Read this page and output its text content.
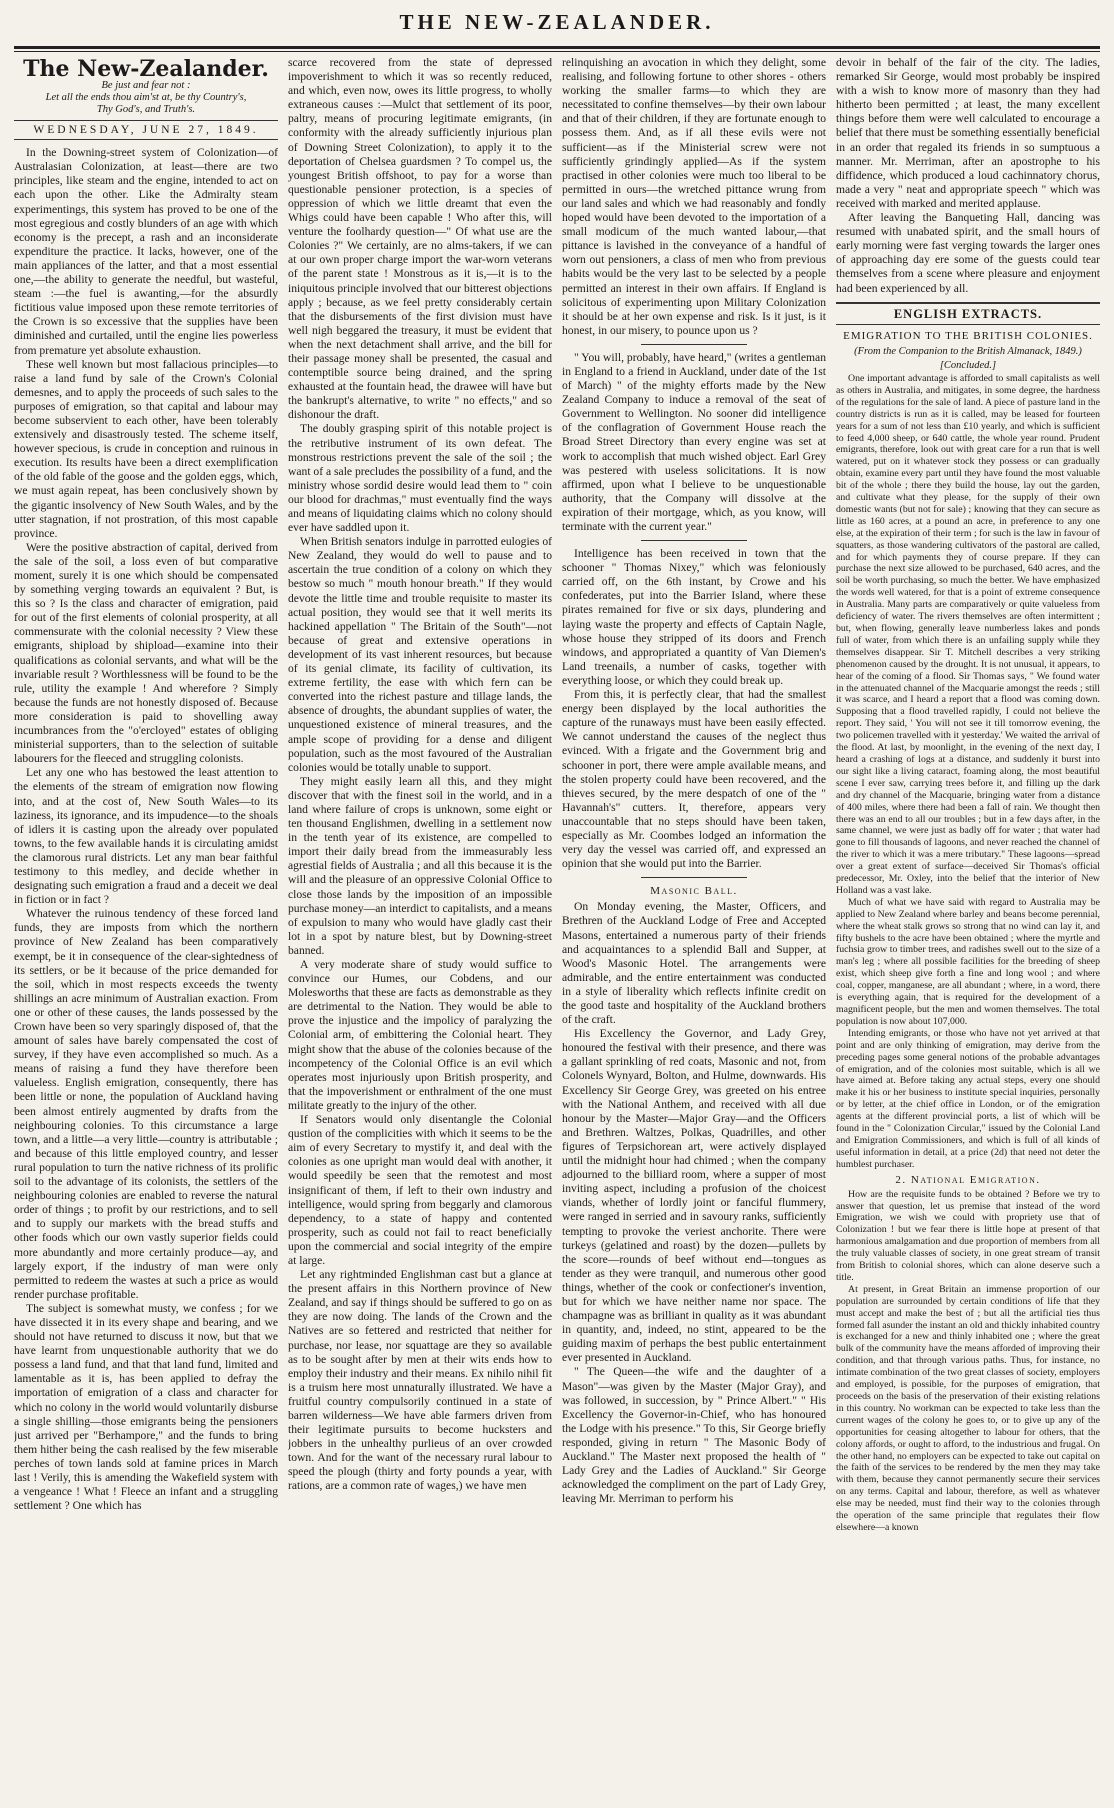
THE NEW-ZEALANDER.
The New-Zealander.
Be just and fear not :
Let all the ends thou aim'st at, be thy Country's,
Thy God's, and Truth's.
WEDNESDAY, JUNE 27, 1849.

In the Downing-street system of Colonization—of Australasian Colonization, at least—there are two principles, like steam and the engine, intended to act on each upon the other. Like the Admiralty steam experimentings, this system has proved to be one of the most egregious and costly blunders of an age with which economy is the precept, a rash and an inconsiderate expenditure the practice. It lacks, however, one of the main appliances of the latter, and that a most essential one,—the ability to generate the needful, but wasteful, steam :—the fuel is awanting,—for the absurdly fictitious value imposed upon these remote territories of the Crown is so excessive that the supplies have been diminished and curtailed, until the engine lies powerless from premature yet absolute exhaustion.

These well known but most fallacious principles—to raise a land fund by sale of the Crown's Colonial demesnes, and to apply the proceeds of such sales to the purposes of emigration, so that capital and labour may become subservient to each other, have been tolerably extensively and disastrously tested. The scheme itself, however specious, is crude in conception and ruinous in execution. Its results have been a direct exemplification of the old fable of the goose and the golden eggs, which, we must again repeat, has been conclusively shown by the gigantic insolvency of New South Wales, and by the utter stagnation, if not prostration, of this most capable province.

Were the positive abstraction of capital, derived from the sale of the soil, a loss even of but comparative moment, surely it is one which should be compensated by something verging towards an equivalent ? But, is this so ? Is the class and character of emigration, paid for out of the first elements of colonial prosperity, at all commensurate with the colonial necessity ? View these emigrants, shipload by shipload—examine into their qualifications as colonial servants, and what will be the invariable result ? Worthlessness will be found to be the rule, utility the example ! And wherefore ? Simply because the funds are not honestly disposed of. Because more consideration is paid to shovelling away incumbrances from the "o'ercloyed" estates of obliging ministerial supporters, than to the selection of suitable labourers for the fleeced and struggling colonists.

Let any one who has bestowed the least attention to the elements of the stream of emigration now flowing into, and at the cost of, New South Wales—to its laziness, its ignorance, and its impudence—to the shoals of idlers it is casting upon the already over populated towns, to the few available hands it is circulating amidst the clamorous rural districts. Let any man bear faithful testimony to this medley, and decide whether in designating such emigration a fraud and a deceit we deal in fiction or in fact ?

Whatever the ruinous tendency of these forced land funds, they are imposts from which the northern province of New Zealand has been comparatively exempt, be it in consequence of the clear-sightedness of its settlers, or be it because of the price demanded for the soil, which in most respects exceeds the twenty shillings an acre minimum of Australian exaction. From one or other of these causes, the lands possessed by the Crown have been so very sparingly disposed of, that the amount of sales have barely compensated the cost of survey, if they have even accomplished so much. As a means of raising a fund they have therefore been valueless. English emigration, consequently, there has been little or none, the population of Auckland having been almost entirely augmented by drafts from the neighbouring colonies. To this circumstance a large town, and a little—a very little—country is attributable ; and because of this little employed country, and lesser rural population to turn the native richness of its prolific soil to the advantage of its colonists, the settlers of the neighbouring colonies are enabled to reverse the natural order of things ; to profit by our restrictions, and to sell and to supply our markets with the bread stuffs and other foods which our own vastly superior fields could more abundantly and more certainly produce—ay, and largely export, if the industry of man were only permitted to redeem the wastes at such a price as would render purchase profitable.

The subject is somewhat musty, we confess ; for we have dissected it in its every shape and bearing, and we should not have returned to discuss it now, but that we have learnt from unquestionable authority that we do possess a land fund, and that that land fund, limited and lamentable as it is, has been applied to defray the importation of emigration of a class and character for which no colony in the world would voluntarily disburse a single shilling—those emigrants being the pensioners just arrived per "Berhampore," and the funds to bring them hither being the cash realised by the few miserable perches of town lands sold at famine prices in March last ! Verily, this is amending the Wakefield system with a vengeance ! What ! Fleece an infant and a struggling settlement ? One which has

scarce recovered from the state of depressed impoverishment to which it was so recently reduced, and which, even now, owes its little progress, to wholly extraneous causes :—Mulct that settlement of its poor, paltry, means of procuring legitimate emigrants, (in conformity with the already sufficiently injurious plan of Downing Street Colonization), to apply it to the deportation of Chelsea guardsmen ? To compel us, the youngest British offshoot, to pay for a worse than questionable pensioner protection, is a species of oppression of which we little dreamt that even the Whigs could have been capable ! Who after this, will venture the foolhardy question—" Of what use are the Colonies ?" We certainly, are no alms-takers, if we can at our own proper charge import the war-worn veterans of the parent state ! Monstrous as it is,—it is to the iniquitous principle involved that our bitterest objections apply ; because, as we feel pretty considerably certain that the disbursements of the first division must have well nigh beggared the treasury, it must be evident that when the next detachment shall arrive, and the bill for their passage money shall be presented, the casual and contemptible source being drained, and the spring exhausted at the fountain head, the drawee will have but the bankrupt's alternative, to write " no effects," and so dishonour the draft.

The doubly grasping spirit of this notable project is the retributive instrument of its own defeat. The monstrous restrictions prevent the sale of the soil ; the want of a sale precludes the possibility of a fund, and the ministry whose sordid desire would lead them to " coin our blood for drachmas," must eventually find the ways and means of liquidating claims which no colony should ever have saddled upon it.

When British senators indulge in parrotted eulogies of New Zealand, they would do well to pause and to ascertain the true condition of a colony on which they bestow so much " mouth honour breath." If they would devote the little time and trouble requisite to master its actual position, they would see that it well merits its hackined appellation " The Britain of the South"—not because of great and extensive operations in development of its vast inherent resources, but because of its genial climate, its facility of cultivation, its extreme fertility, the ease with which fern can be converted into the richest pasture and tillage lands, the absence of droughts, the abundant supplies of water, the unquestioned existence of mineral treasures, and the ample scope of providing for a dense and diligent population, such as the most favoured of the Australian colonies would be totally unable to support.

They might easily learn all this, and they might discover that with the finest soil in the world, and in a land where failure of crops is unknown, some eight or ten thousand Englishmen, dwelling in a settlement now in the tenth year of its existence, are compelled to import their daily bread from the immeasurably less agrestial fields of Australia ; and all this because it is the will and the pleasure of an oppressive Colonial Office to close those lands by the imposition of an impossible purchase money—an interdict to capitalists, and a means of expulsion to many who would have gladly cast their lot in a spot by nature blest, but by Downing-street banned.

A very moderate share of study would suffice to convince our Humes, our Cobdens, and our Molesworths that these are facts as demonstrable as they are detrimental to the Nation. They would be able to prove the injustice and the impolicy of paralyzing the Colonial arm, of embittering the Colonial heart. They might show that the abuse of the colonies because of the incompetency of the Colonial Office is an evil which operates most injuriously upon British prosperity, and that the impoverishment or enthralment of the one must militate greatly to the injury of the other.

If Senators would only disentangle the Colonial qustion of the complicities with which it seems to be the aim of every Secretary to mystify it, and deal with the colonies as one upright man would deal with another, it would speedily be seen that the remotest and most insignificant of them, if left to their own industry and intelligence, would spring from beggarly and clamorous dependency, to a state of happy and contented prosperity, such as could not fail to react beneficially upon the commercial and social integrity of the empire at large.

Let any rightminded Englishman cast but a glance at the present affairs in this Northern province of New Zealand, and say if things should be suffered to go on as they are now doing. The lands of the Crown and the Natives are so fettered and restricted that neither for purchase, nor lease, nor squattage are they so available as to be sought after by men at their wits ends how to employ their industry and their means. Ex nihilo nihil fit is a truism here most unnaturally illustrated. We have a fruitful country compulsorily continued in a state of barren wilderness—We have able farmers driven from their legitimate pursuits to become hucksters and jobbers in the unhealthy purlieus of an over crowded town. And for the want of the necessary rural labour to speed the plough (thirty and forty pounds a year, with rations, are a common rate of wages,) we have men

relinquishing an avocation in which they delight, some realising, and following fortune to other shores - others working the smaller farms—to which they are necessitated to confine themselves—by their own labour and that of their children, if they are fortunate enough to possess them. And, as if all these evils were not sufficient—as if the Ministerial screw were not sufficiently grindingly applied—As if the system practised in other colonies were much too liberal to be permitted in ours—the wretched pittance wrung from our land sales and which we had reasonably and fondly hoped would have been devoted to the importation of a small modicum of the much wanted labour,—that pittance is lavished in the conveyance of a handful of worn out pensioners, a class of men who from previous habits would be the very last to be selected by a people permitted an interest in their own affairs. If England is solicitous of experimenting upon Military Colonization it should be at her own expense and risk. Is it just, is it honest, in our misery, to pounce upon us ?

" You will, probably, have heard," (writes a gentleman in England to a friend in Auckland, under date of the 1st of March) " of the mighty efforts made by the New Zealand Company to induce a removal of the seat of Government to Wellington. No sooner did intelligence of the conflagration of Government House reach the Broad Street Directory than every engine was set at work to accomplish that much wished object. Earl Grey was pestered with useless solicitations. It is now affirmed, upon what I believe to be unquestionable authority, that the Company will dissolve at the expiration of their mortgage, which, as you know, will terminate with the current year."

Intelligence has been received in town that the schooner " Thomas Nixey," which was feloniously carried off, on the 6th instant, by Crowe and his confederates, put into the Barrier Island, where these pirates remained for five or six days, plundering and laying waste the property and effects of Captain Nagle, whose house they stripped of its doors and French windows, and appropriated a quantity of Van Diemen's Land treenails, a number of casks, together with everything loose, or which they could break up.

From this, it is perfectly clear, that had the smallest energy been displayed by the local authorities the capture of the runaways must have been easily effected. We cannot understand the causes of the neglect thus evinced. With a frigate and the Government brig and schooner in port, there were ample available means, and the stolen property could have been recovered, and the thieves secured, by the mere despatch of one of the " Havannah's" cutters. It, therefore, appears very unaccountable that no steps should have been taken, especially as Mr. Coombes lodged an information the very day the vessel was carried off, and expressed an opinion that she would put into the Barrier.

Masonic Ball.

On Monday evening, the Master, Officers, and Brethren of the Auckland Lodge of Free and Accepted Masons, entertained a numerous party of their friends and acquaintances to a splendid Ball and Supper, at Wood's Masonic Hotel. The arrangements were admirable, and the entire entertainment was conducted in a style of liberality which reflects infinite credit on the good taste and hospitality of the Auckland brothers of the craft.

His Excellency the Governor, and Lady Grey, honoured the festival with their presence, and there was a gallant sprinkling of red coats, Masonic and not, from Colonels Wynyard, Bolton, and Hulme, downwards. His Excellency Sir George Grey, was greeted on his entree with the National Anthem, and received with all due honour by the Master—Major Gray—and the Officers and Brethren. Waltzes, Polkas, Quadrilles, and other figures of Terpsichorean art, were actively displayed until the midnight hour had chimed ; when the company adjourned to the billiard room, where a supper of most inviting aspect, including a profusion of the choicest viands, whether of lordly joint or fanciful flummery, were ranged in serried and in savoury ranks, sufficiently tempting to provoke the veriest anchorite. There were turkeys (gelatined and roast) by the dozen—pullets by the score—rounds of beef without end—tongues as tender as they were tranquil, and numerous other good things, whether of the cook or confectioner's invention, but for which we have neither name nor space. The champagne was as brilliant in quality as it was abundant in quantity, and, indeed, no stint, appeared to be the guiding maxim of perhaps the best public entertainment ever presented in Auckland.

" The Queen—the wife and the daughter of a Mason"—was given by the Master (Major Gray), and was followed, in succession, by " Prince Albert." " His Excellency the Governor-in-Chief, who has honoured the Lodge with his presence." To this, Sir George briefly responded, giving in return " The Masonic Body of Auckland." The Master next proposed the health of " Lady Grey and the Ladies of Auckland." Sir George acknowledged the compliment on the part of Lady Grey, leaving Mr. Merriman to perform his

devoir in behalf of the fair of the city. The ladies, remarked Sir George, would most probably be inspired with a wish to know more of masonry than they had hitherto been permitted ; at least, the many excellent things before them were well calculated to encourage a belief that there must be something essentially beneficial in an order that regaled its friends in so sumptuous a manner. Mr. Merriman, after an apostrophe to his diffidence, which produced a loud cachinnatory chorus, made a very " neat and appropriate speech " which was received with marked and merited applause.

After leaving the Banqueting Hall, dancing was resumed with unabated spirit, and the small hours of early morning were fast verging towards the larger ones of approaching day ere some of the guests could tear themselves from a scene where pleasure and enjoyment had been experienced by all.

ENGLISH EXTRACTS.
EMIGRATION TO THE BRITISH COLONIES.
(From the Companion to the British Almanack, 1849.)
[Concluded.]

One important advantage is afforded to small capitalists as well as others in Australia, and mitigates, in some degree, the hardness of the regulations for the sale of land. A piece of pasture land in the country districts is run as it is called, may be leased for fourteen years for a sum of not less than £10 yearly, and which is sufficient to feed 4,000 sheep, or 640 cattle, the whole year round. Prudent emigrants, therefore, look out with great care for a run that is well watered, put on it whatever stock they possess or can gradually obtain, examine every part until they have found the most valuable bit of the whole ; there they build the house, lay out the garden, and cultivate what they please, for the supply of their own domestic wants (but not for sale) ; knowing that they can secure as little as 160 acres, at a pound an acre, in preference to any one else, at the expiration of their term ; for such is the law in favour of squatters, as those wandering cultivators of the pastoral are called, and for which payments they of course prepare. If they can purchase the next size allowed to be purchased, 640 acres, and the soil be worth purchasing, so much the better. We have emphasized the words well watered, for that is a point of extreme consequence in Australia. Many parts are comparatively or quite valueless from deficiency of water. The rivers themselves are often intermittent ; but, when flowing, generally leave numberless lakes and ponds full of water, from which there is an unfailing supply while they themselves disappear. Sir T. Mitchell describes a very striking phenomenon caused by the drought. It is not unusual, it appears, to hear of the coming of a flood. Sir Thomas says, " We found water in the attenuated channel of the Macquarie amongst the reeds ; still it was scarce, and I heard a report that a flood was coming down. Supposing that a flood travelled rapidly, I could not believe the report. They said, ' You will not see it till tomorrow evening, the two policemen travelled with it yesterday.' We waited the arrival of the flood. At last, by moonlight, in the evening of the next day, I heard a crashing of logs at a distance, and suddenly it burst into our sight like a living cataract, foaming along, the most beautiful scene I ever saw, carrying trees before it, and filling up the dark and dry channel of the Macquarie, bringing water from a distance of 400 miles, where there had been a fall of rain. We thought then there was an end to all our troubles ; but in a few days after, in the same channel, we were just as badly off for water ; that water had gone to fill thousands of lagoons, and never reached the channel of the river to which it was a mere tributary." These lagoons—spread over a great extent of surface—deceived Sir Thomas's official predecessor, Mr. Oxley, into the belief that the interior of New Holland was a vast lake.

Much of what we have said with regard to Australia may be applied to New Zealand where barley and beans become perennial, where the wheat stalk grows so strong that no wind can lay it, and fifty bushels to the acre have been obtained ; where the myrtle and fuchsia grow to timber trees, and radishes swell out to the size of a man's leg ; where all possible facilities for the breeding of sheep exist, which sheep give forth a fine and long wool ; and where coal, copper, manganese, are all abundant ; where, in a word, there is everything again, that is required for the development of a magnificent people, but the men and women themselves. The total population is now about 107,000.

Intending emigrants, or those who have not yet arrived at that point and are only thinking of emigration, may derive from the preceding pages some general notions of the probable advantages of emigration, and of the colonies most suitable, which is all we have aimed at. Before taking any actual steps, every one should make it his or her business to institute special inquiries, personally or by letter, at the chief office in London, or of the emigration agents at the different provincial ports, a list of which will be found in the " Colonization Circular," issued by the Colonial Land and Emigration Commissioners, and which is full of all kinds of useful information in detail, at a price (2d) that need not deter the humblest purchaser.

2. National Emigration.

How are the requisite funds to be obtained ? Before we try to answer that question, let us premise that instead of the word Emigration, we wish we could with propriety use that of Colonization ! but we fear there is little hope at present of that harmonious amalgamation and due proportion of members from all the truly valuable classes of society, in one great stream of transit from British to colonial shores, which can alone deserve such a title.

At present, in Great Britain an immense proportion of our population are surrounded by certain conditions of life that they must accept and make the best of ; but all the artificial ties thus formed fall asunder the instant an old and thickly inhabited country is exchanged for a new and thinly inhabited one ; where the great bulk of the community have the means afforded of improving their condition, and that through various paths. Thus, for instance, no intimate combination of the two great classes of society, employers and employed, is possible, for the purposes of emigration, that proceeds on the basis of the preservation of their existing relations in this country. No workman can be expected to take less than the current wages of the colony he goes to, or to give up any of the opportunities for ceasing altogether to labour for others, that the colony affords, or ought to afford, to the industrious and frugal. On the other hand, no employers can be expected to take out capital on the faith of the services to be rendered by the men they may take with them, because they cannot permanently secure their services on any terms. Capital and labour, therefore, as well as whatever else may be needed, must find their way to the colonies through the operation of the same principle that regulates their flow elsewhere—a known
